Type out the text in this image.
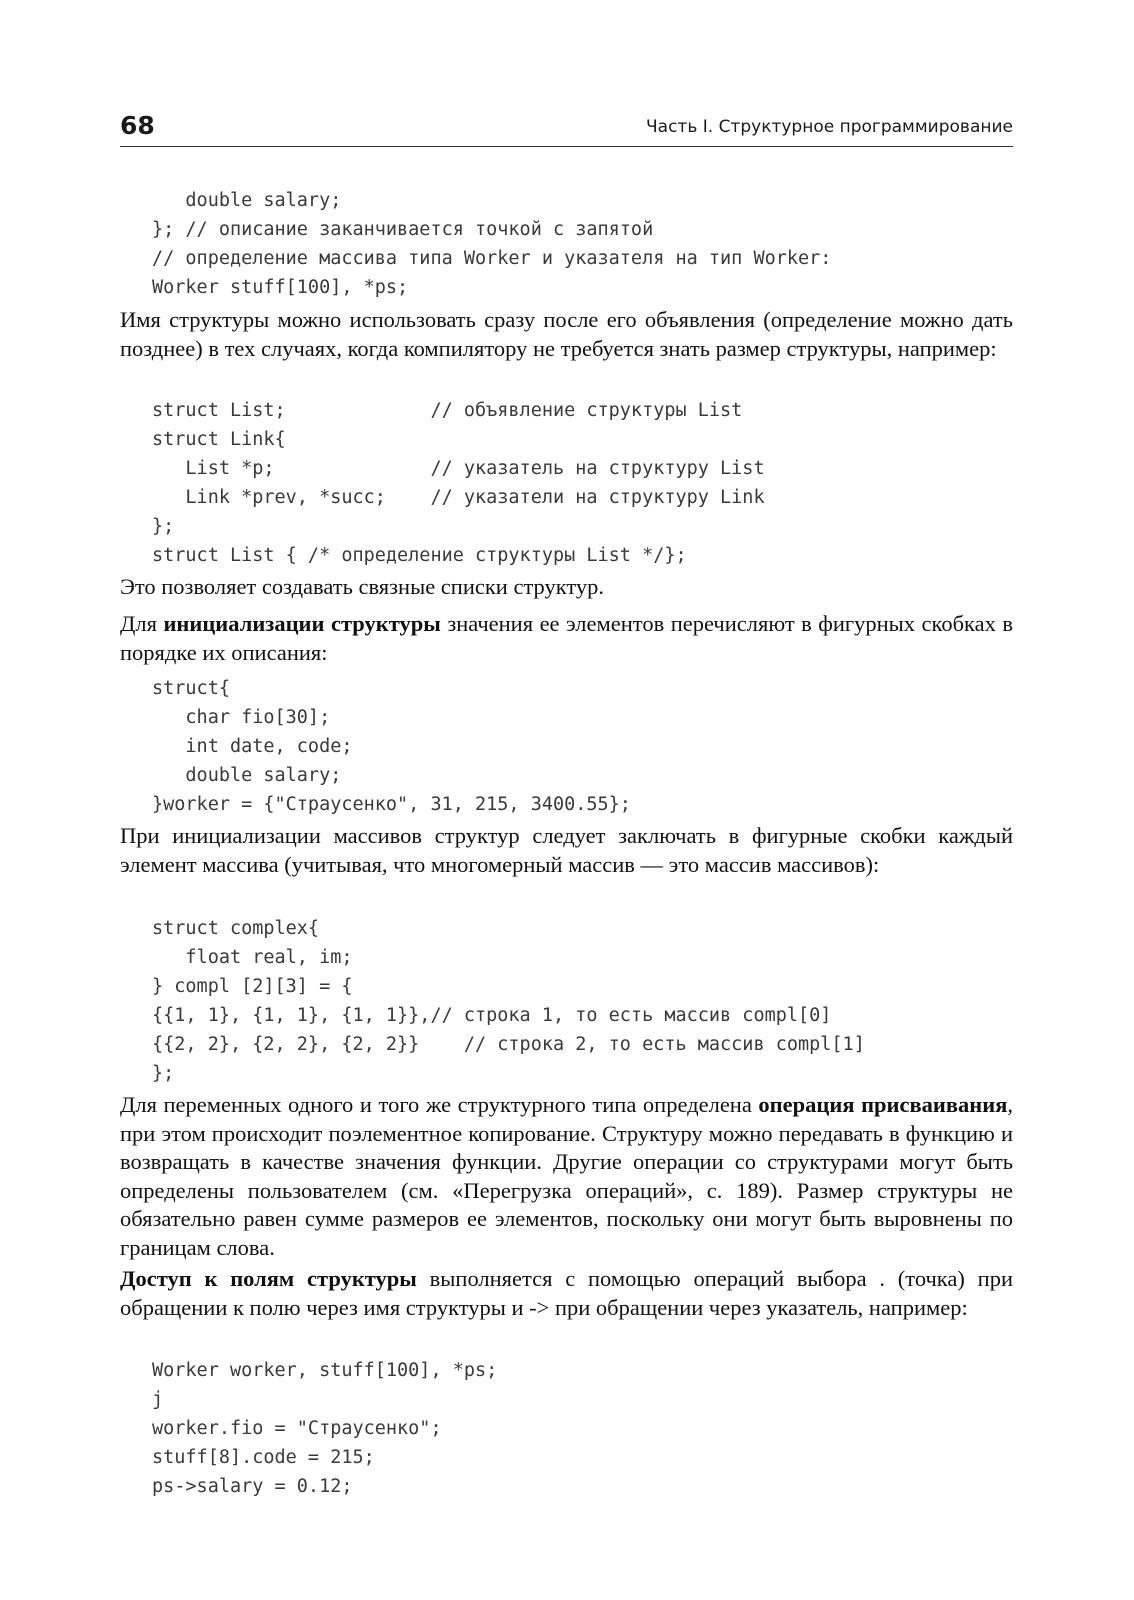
68	Часть I. Структурное программирование
double salary;
}; // описание заканчивается точкой с запятой
// определение массива типа Worker и указателя на тип Worker:
Worker stuff[100], *ps;

Имя структуры можно использовать сразу после его объявления (определение можно дать позднее) в тех случаях, когда компилятору не требуется знать размер структуры, например:

struct List;             // объявление структуры List
struct Link{
List *p;              // указатель на структуру List
Link *prev, *succ;    // указатели на структуру Link
};
struct List { /* определение структуры List */};

Это позволяет создавать связные списки структур.

Для инициализации структуры значения ее элементов перечисляют в фигурных скобках в порядке их описания:

struct{
char fio[30];
int date, code;
double salary;
}worker = {"Страусенко", 31, 215, 3400.55};

При инициализации массивов структур следует заключать в фигурные скобки каждый элемент массива (учитывая, что многомерный массив — это массив массивов):

struct complex{
float real, im;
} compl [2][3] = {
{{1, 1}, {1, 1}, {1, 1}},// строка 1, то есть массив compl[0]
{{2, 2}, {2, 2}, {2, 2}}    // строка 2, то есть массив compl[1]
};

Для переменных одного и того же структурного типа определена операция присваивания, при этом происходит поэлементное копирование. Структуру можно передавать в функцию и возвращать в качестве значения функции. Другие операции со структурами могут быть определены пользователем (см. «Перегрузка операций», с. 189). Размер структуры не обязательно равен сумме размеров ее элементов, поскольку они могут быть выровнены по границам слова.

Доступ к полям структуры выполняется с помощью операций выбора . (точка) при обращении к полю через имя структуры и -> при обращении через указатель, например:

Worker worker, stuff[100], *ps;
j
worker.fio = "Страусенко";
stuff[8].code = 215;
ps->salary = 0.12;
